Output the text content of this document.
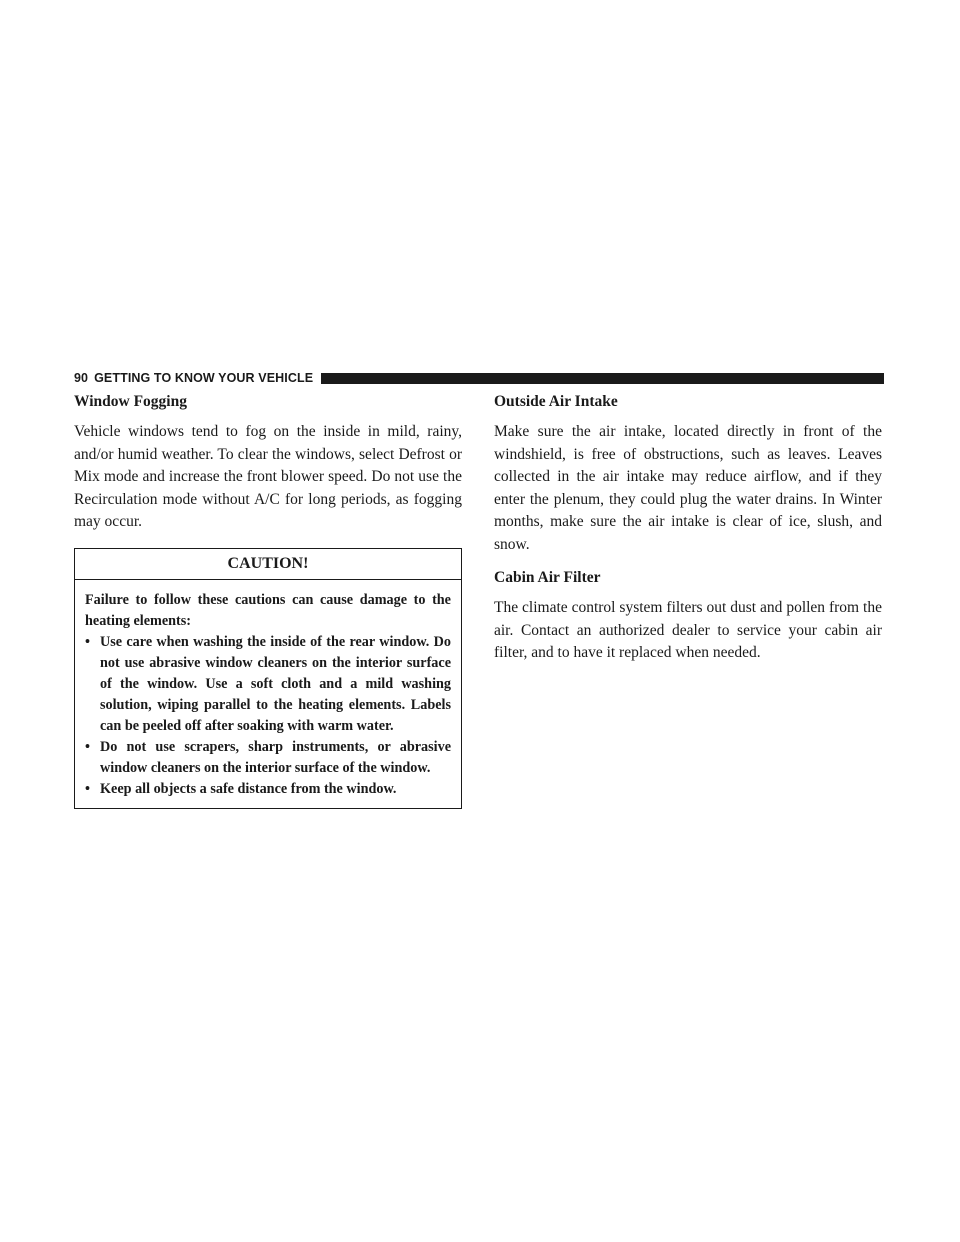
90 GETTING TO KNOW YOUR VEHICLE
Window Fogging

Vehicle windows tend to fog on the inside in mild, rainy, and/or humid weather. To clear the windows, select Defrost or Mix mode and increase the front blower speed. Do not use the Recirculation mode without A/C for long periods, as fogging may occur.

CAUTION!

Failure to follow these cautions can cause damage to the heating elements:

• Use care when washing the inside of the rear window. Do not use abrasive window cleaners on the interior surface of the window. Use a soft cloth and a mild washing solution, wiping parallel to the heating elements. Labels can be peeled off after soaking with warm water.
• Do not use scrapers, sharp instruments, or abrasive window cleaners on the interior surface of the window.
• Keep all objects a safe distance from the window.
Outside Air Intake

Make sure the air intake, located directly in front of the windshield, is free of obstructions, such as leaves. Leaves collected in the air intake may reduce airflow, and if they enter the plenum, they could plug the water drains. In Winter months, make sure the air intake is clear of ice, slush, and snow.

Cabin Air Filter

The climate control system filters out dust and pollen from the air. Contact an authorized dealer to service your cabin air filter, and to have it replaced when needed.
